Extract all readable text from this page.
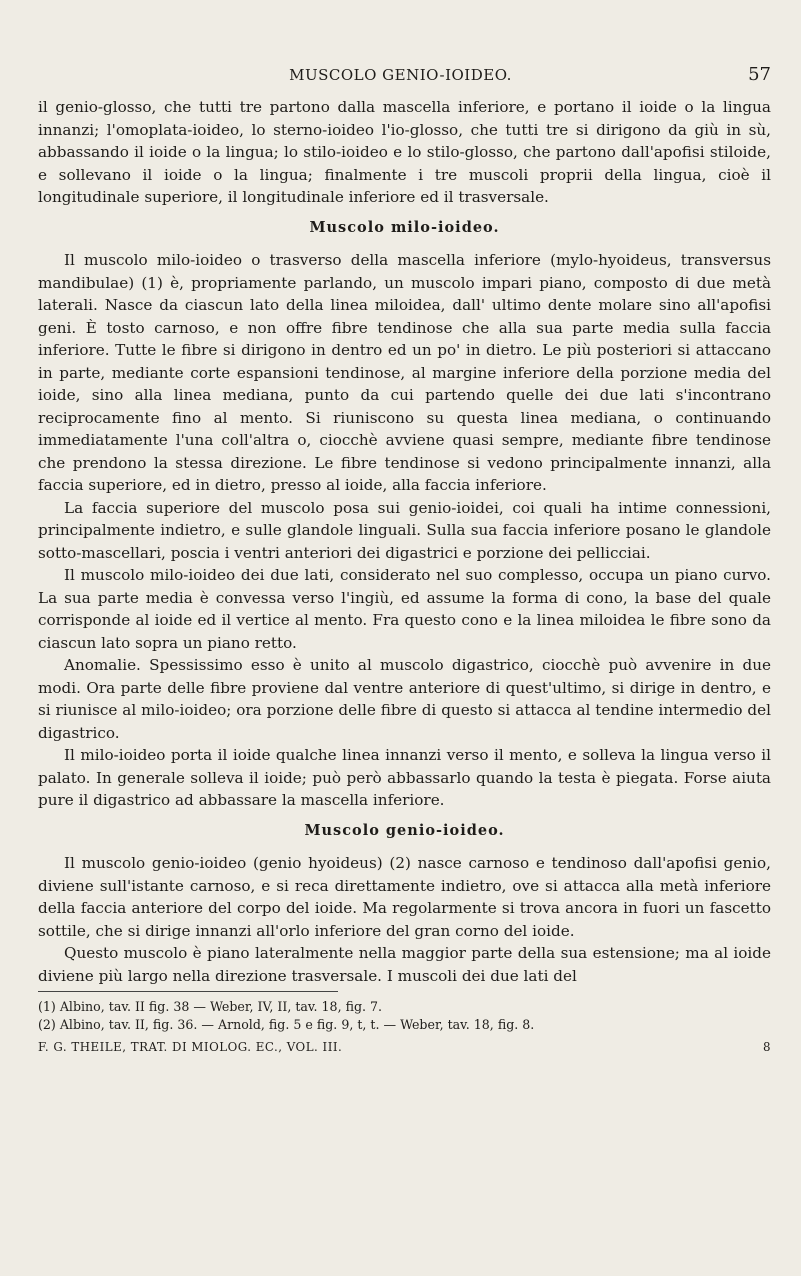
MUSCOLO GENIO-IOIDEO.	57

il genio-glosso, che tutti tre partono dalla mascella inferiore, e portano il ioide o la lingua innanzi; l'omoplata-ioideo, lo sterno-ioideo l'io-glosso, che tutti tre si dirigono da giù in sù, abbassando il ioide o la lingua; lo stilo-ioideo e lo stilo-glosso, che partono dall'apofisi stiloide, e sollevano il ioide o la lingua; finalmente i tre muscoli proprii della lingua, cioè il longitudinale superiore, il longitudinale inferiore ed il trasversale.

Muscolo milo-ioideo.

Il muscolo milo-ioideo o trasverso della mascella inferiore (mylo-hyoideus, transversus mandibulae) (1) è, propriamente parlando, un muscolo impari piano, composto di due metà laterali. Nasce da ciascun lato della linea miloidea, dall' ultimo dente molare sino all'apofisi geni. È tosto carnoso, e non offre fibre tendinose che alla sua parte media sulla faccia inferiore. Tutte le fibre si dirigono in dentro ed un po' in dietro. Le più posteriori si attaccano in parte, mediante corte espansioni tendinose, al margine inferiore della porzione media del ioide, sino alla linea mediana, punto da cui partendo quelle dei due lati s'incontrano reciprocamente fino al mento. Si riuniscono su questa linea mediana, o continuando immediatamente l'una coll'altra o, ciocchè avviene quasi sempre, mediante fibre tendinose che prendono la stessa direzione. Le fibre tendinose si vedono principalmente innanzi, alla faccia superiore, ed in dietro, presso al ioide, alla faccia inferiore.

La faccia superiore del muscolo posa sui genio-ioidei, coi quali ha intime connessioni, principalmente indietro, e sulle glandole linguali. Sulla sua faccia inferiore posano le glandole sotto-mascellari, poscia i ventri anteriori dei digastrici e porzione dei pellicciai.

Il muscolo milo-ioideo dei due lati, considerato nel suo complesso, occupa un piano curvo. La sua parte media è convessa verso l'ingiù, ed assume la forma di cono, la base del quale corrisponde al ioide ed il vertice al mento. Fra questo cono e la linea miloidea le fibre sono da ciascun lato sopra un piano retto.

Anomalie. Spessissimo esso è unito al muscolo digastrico, ciocchè può avvenire in due modi. Ora parte delle fibre proviene dal ventre anteriore di quest'ultimo, si dirige in dentro, e si riunisce al milo-ioideo; ora porzione delle fibre di questo si attacca al tendine intermedio del digastrico.

Il milo-ioideo porta il ioide qualche linea innanzi verso il mento, e solleva la lingua verso il palato. In generale solleva il ioide; può però abbassarlo quando la testa è piegata. Forse aiuta pure il digastrico ad abbassare la mascella inferiore.

Muscolo genio-ioideo.

Il muscolo genio-ioideo (genio hyoideus) (2) nasce carnoso e tendinoso dall'apofisi genio, diviene sull'istante carnoso, e si reca direttamente indietro, ove si attacca alla metà inferiore della faccia anteriore del corpo del ioide. Ma regolarmente si trova ancora in fuori un fascetto sottile, che si dirige innanzi all'orlo inferiore del gran corno del ioide.

Questo muscolo è piano lateralmente nella maggior parte della sua estensione; ma al ioide diviene più largo nella direzione trasversale. I muscoli dei due lati del

(1) Albino, tav. II fig. 38 — Weber, IV, II, tav. 18, fig. 7.

(2) Albino, tav. II, fig. 36. — Arnold, fig. 5 e fig. 9, t, t. — Weber, tav. 18, fig. 8.

F. G. THEILE, TRAT. DI MIOLOG. EC., VOL. III.	8
